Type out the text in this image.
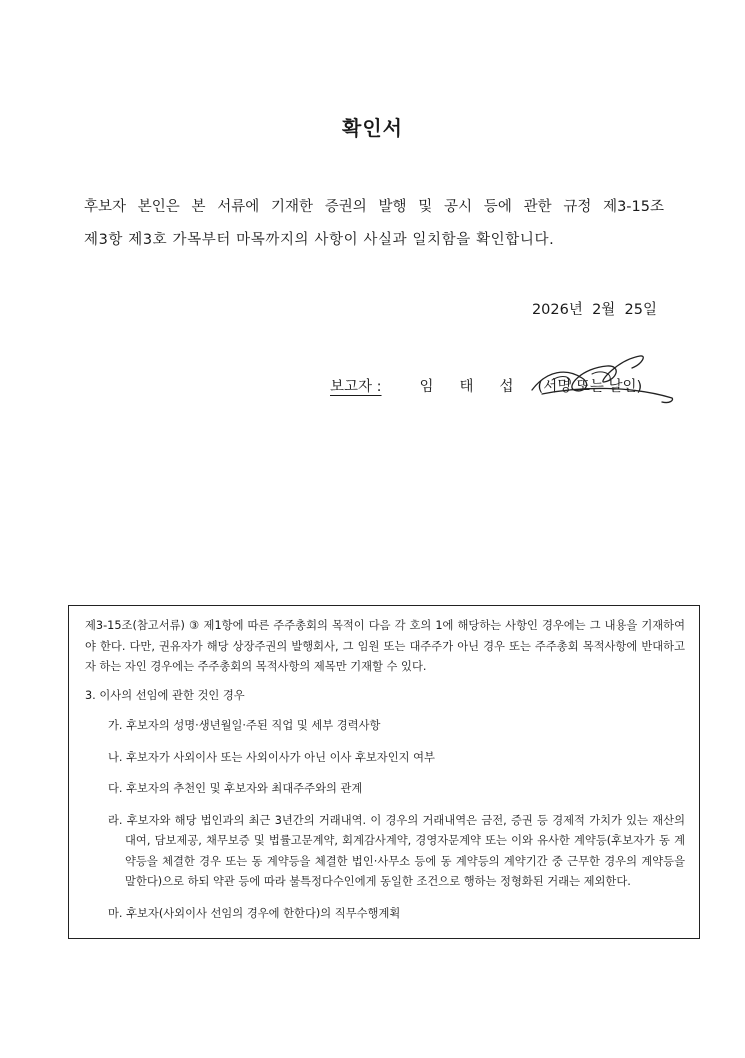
확인서
후보자 본인은 본 서류에 기재한 증권의 발행 및 공시 등에 관한 규정 제3-15조
제3항 제3호 가목부터 마목까지의 사항이 사실과 일치함을 확인합니다.
2026년  2월  25일
보고자 :	임태섭
(서명 또는 날인)
제3-15조(참고서류) ③ 제1항에 따른 주주총회의 목적이 다음 각 호의 1에 해당하는 사항인 경우에는 그 내용을 기재하여야 한다. 다만, 권유자가 해당 상장주권의 발행회사, 그 임원 또는 대주주가 아닌 경우 또는 주주총회 목적사항에 반대하고자 하는 자인 경우에는 주주총회의 목적사항의 제목만 기재할 수 있다.
3. 이사의 선임에 관한 것인 경우
가. 후보자의 성명·생년월일·주된 직업 및 세부 경력사항
나. 후보자가 사외이사 또는 사외이사가 아닌 이사 후보자인지 여부
다. 후보자의 추천인 및 후보자와 최대주주와의 관계
라. 후보자와 해당 법인과의 최근 3년간의 거래내역. 이 경우의 거래내역은 금전, 증권 등 경제적 가치가 있는 재산의 대여, 담보제공, 채무보증 및 법률고문계약, 회계감사계약, 경영자문계약 또는 이와 유사한 계약등(후보자가 동 계약등을 체결한 경우 또는 동 계약등을 체결한 법인·사무소 등에 동 계약등의 계약기간 중 근무한 경우의 계약등을 말한다)으로 하되 약관 등에 따라 불특정다수인에게 동일한 조건으로 행하는 정형화된 거래는 제외한다.
마. 후보자(사외이사 선임의 경우에 한한다)의 직무수행계획
